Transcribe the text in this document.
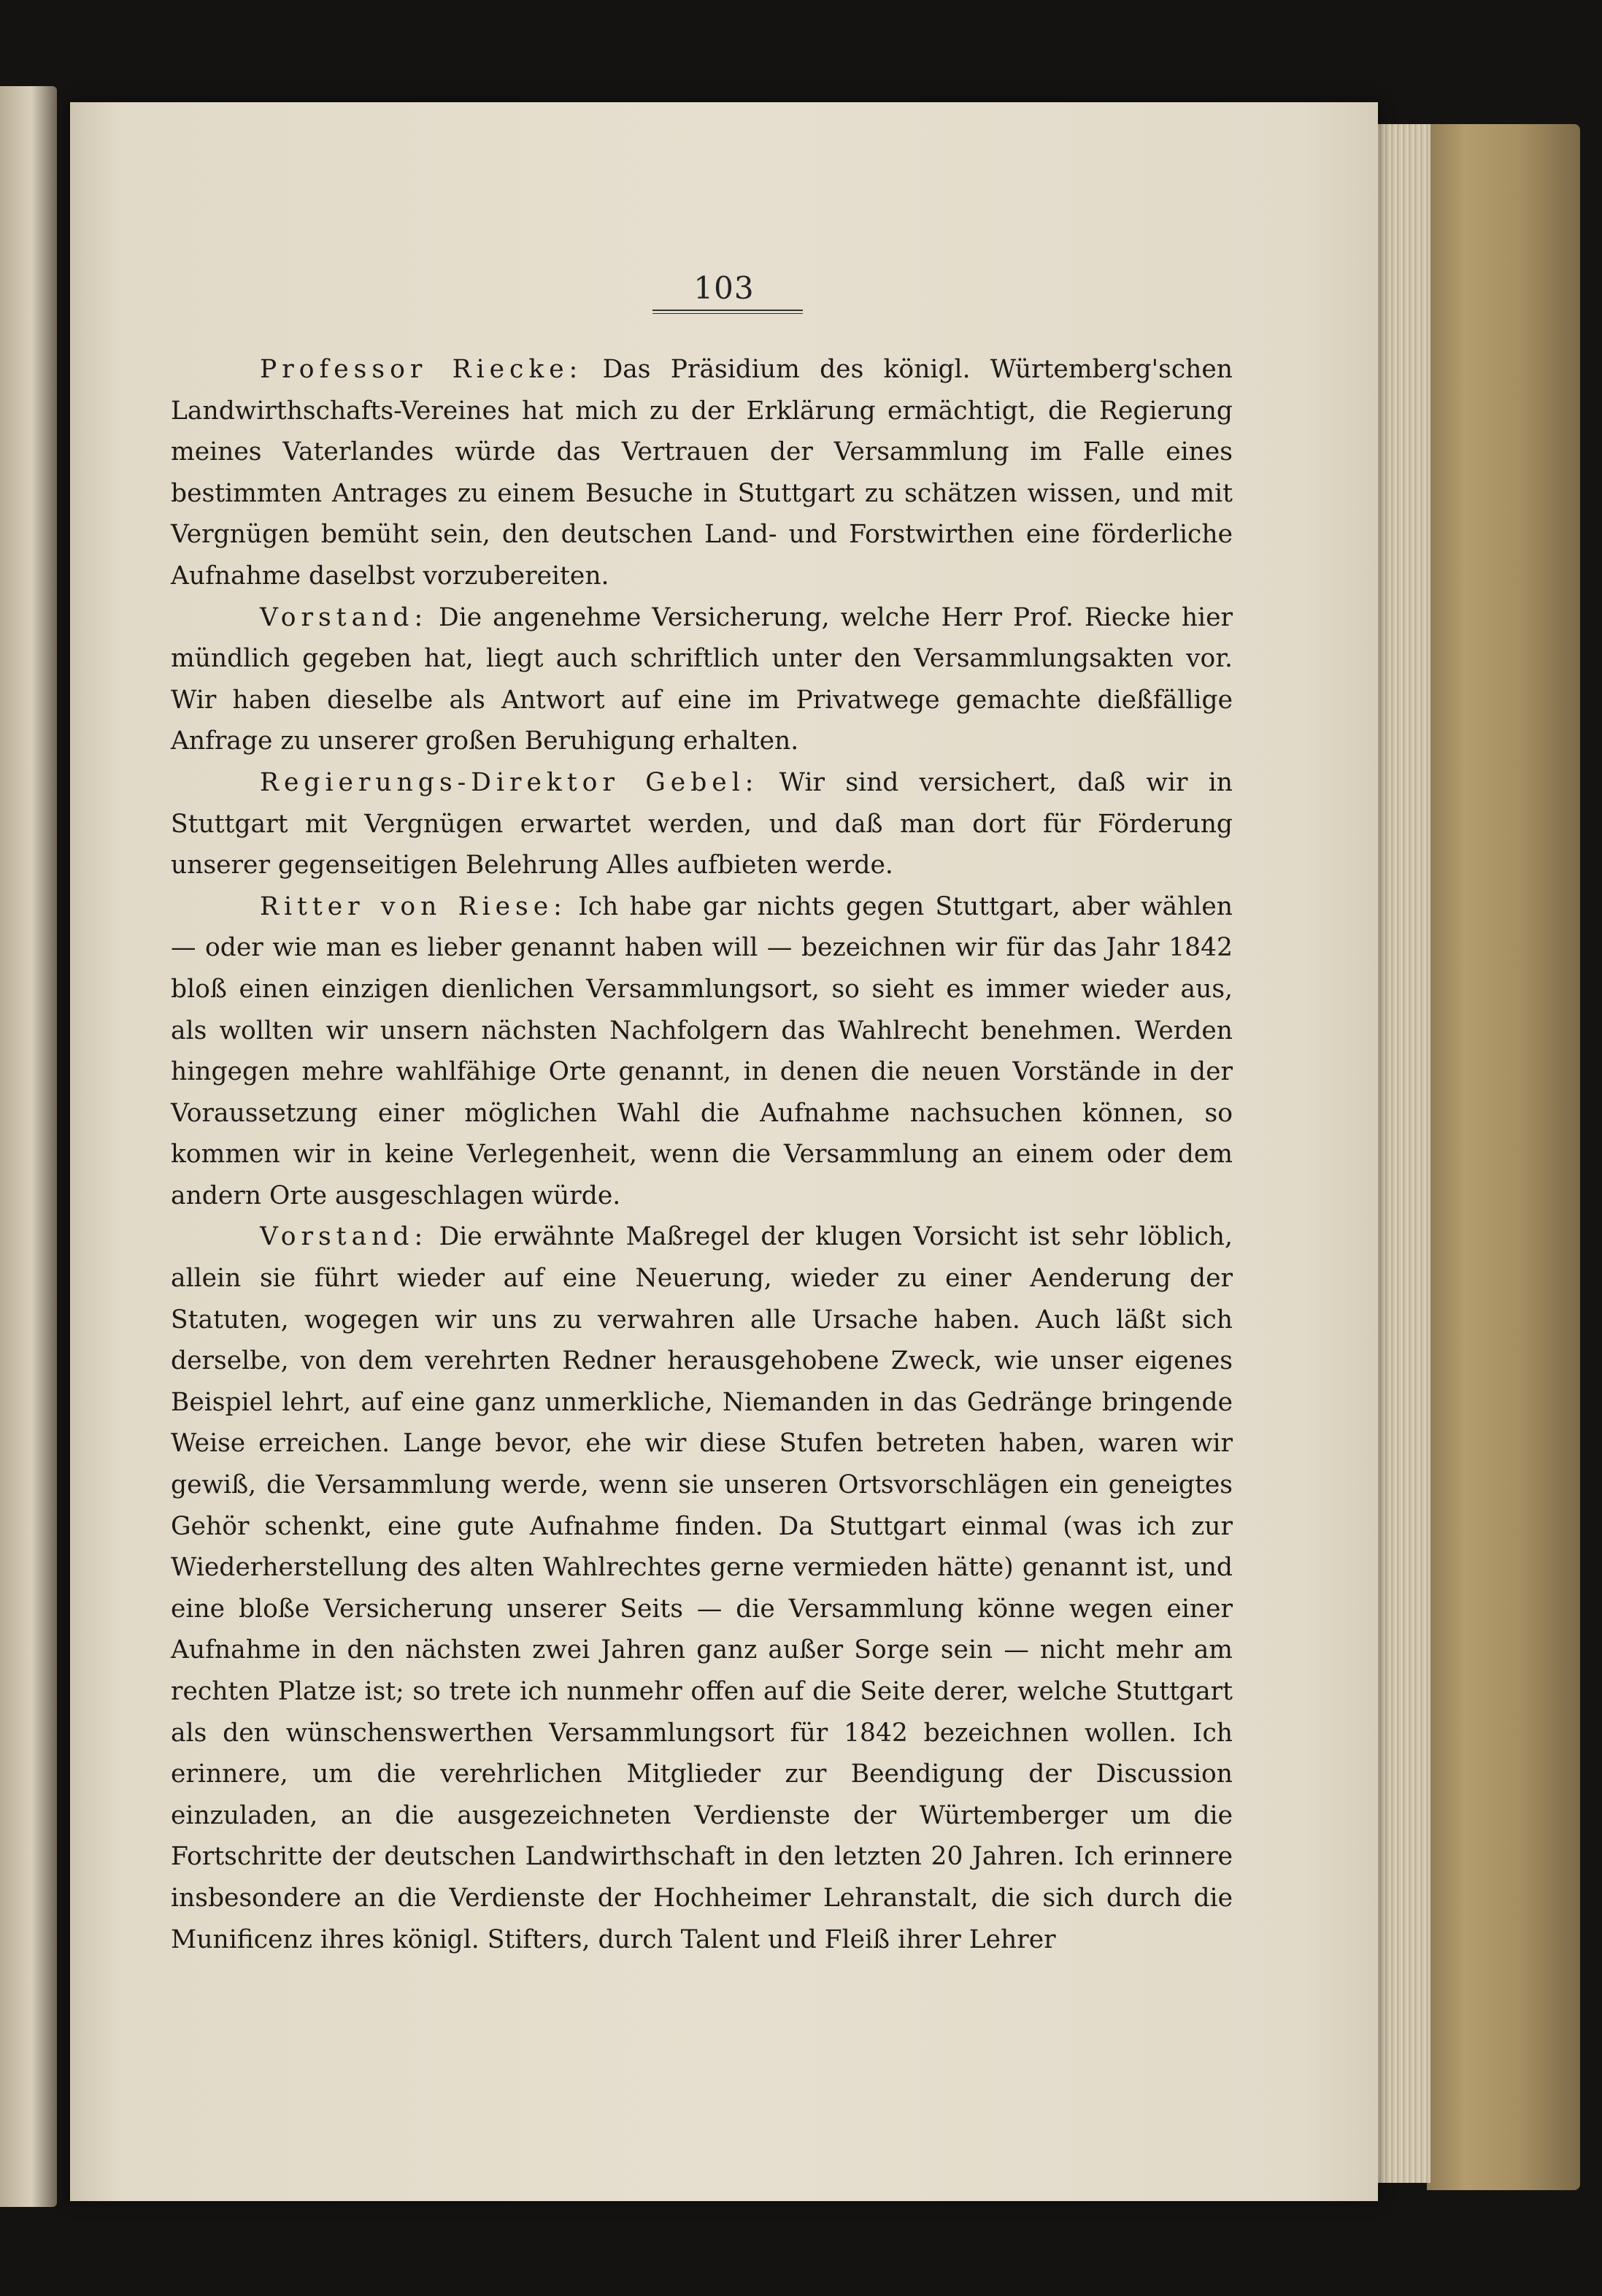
103

Professor Riecke: Das Präsidium des königl. Würtemberg'schen Landwirthschafts-Vereines hat mich zu der Erklärung ermächtigt, die Regierung meines Vaterlandes würde das Vertrauen der Versammlung im Falle eines bestimmten Antrages zu einem Besuche in Stuttgart zu schätzen wissen, und mit Vergnügen bemüht sein, den deutschen Land- und Forstwirthen eine förderliche Aufnahme daselbst vorzubereiten.

Vorstand: Die angenehme Versicherung, welche Herr Prof. Riecke hier mündlich gegeben hat, liegt auch schriftlich unter den Versammlungsakten vor. Wir haben dieselbe als Antwort auf eine im Privatwege gemachte dießfällige Anfrage zu unserer großen Beruhigung erhalten.

Regierungs-Direktor Gebel: Wir sind versichert, daß wir in Stuttgart mit Vergnügen erwartet werden, und daß man dort für Förderung unserer gegenseitigen Belehrung Alles aufbieten werde.

Ritter von Riese: Ich habe gar nichts gegen Stuttgart, aber wählen — oder wie man es lieber genannt haben will — bezeichnen wir für das Jahr 1842 bloß einen einzigen dienlichen Versammlungsort, so sieht es immer wieder aus, als wollten wir unsern nächsten Nachfolgern das Wahlrecht benehmen. Werden hingegen mehre wahlfähige Orte genannt, in denen die neuen Vorstände in der Voraussetzung einer möglichen Wahl die Aufnahme nachsuchen können, so kommen wir in keine Verlegenheit, wenn die Versammlung an einem oder dem andern Orte ausgeschlagen würde.

Vorstand: Die erwähnte Maßregel der klugen Vorsicht ist sehr löblich, allein sie führt wieder auf eine Neuerung, wieder zu einer Aenderung der Statuten, wogegen wir uns zu verwahren alle Ursache haben. Auch läßt sich derselbe, von dem verehrten Redner herausgehobene Zweck, wie unser eigenes Beispiel lehrt, auf eine ganz unmerkliche, Niemanden in das Gedränge bringende Weise erreichen. Lange bevor, ehe wir diese Stufen betreten haben, waren wir gewiß, die Versammlung werde, wenn sie unseren Ortsvorschlägen ein geneigtes Gehör schenkt, eine gute Aufnahme finden. Da Stuttgart einmal (was ich zur Wiederherstellung des alten Wahlrechtes gerne vermieden hätte) genannt ist, und eine bloße Versicherung unserer Seits — die Versammlung könne wegen einer Aufnahme in den nächsten zwei Jahren ganz außer Sorge sein — nicht mehr am rechten Platze ist; so trete ich nunmehr offen auf die Seite derer, welche Stuttgart als den wünschenswerthen Versammlungsort für 1842 bezeichnen wollen. Ich erinnere, um die verehrlichen Mitglieder zur Beendigung der Discussion einzuladen, an die ausgezeichneten Verdienste der Würtemberger um die Fortschritte der deutschen Landwirthschaft in den letzten 20 Jahren. Ich erinnere insbesondere an die Verdienste der Hochheimer Lehranstalt, die sich durch die Munificenz ihres königl. Stifters, durch Talent und Fleiß ihrer Lehrer
